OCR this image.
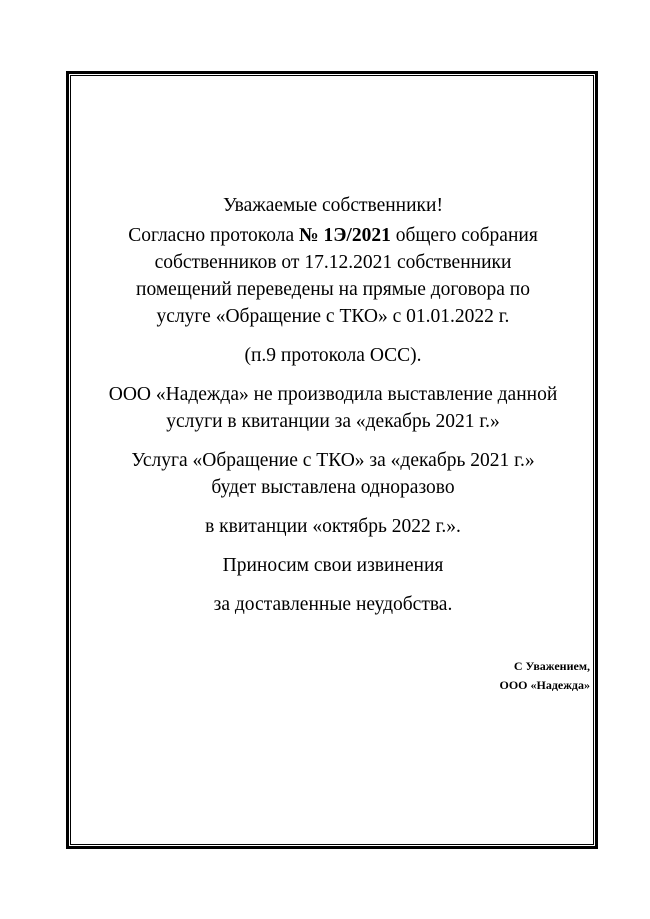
Уважаемые собственники!

Согласно протокола № 1Э/2021 общего собрания

собственников от 17.12.2021 собственники

помещений переведены на прямые договора по

услуге «Обращение с ТКО» с 01.01.2022 г.

(п.9 протокола ОСС).

ООО «Надежда» не производила выставление данной

услуги в квитанции за «декабрь 2021 г.»

Услуга «Обращение с ТКО» за «декабрь 2021 г.»

будет выставлена одноразово

в квитанции «октябрь 2022 г.».

Приносим свои извинения

за доставленные неудобства.

С Уважением,

ООО «Надежда»
